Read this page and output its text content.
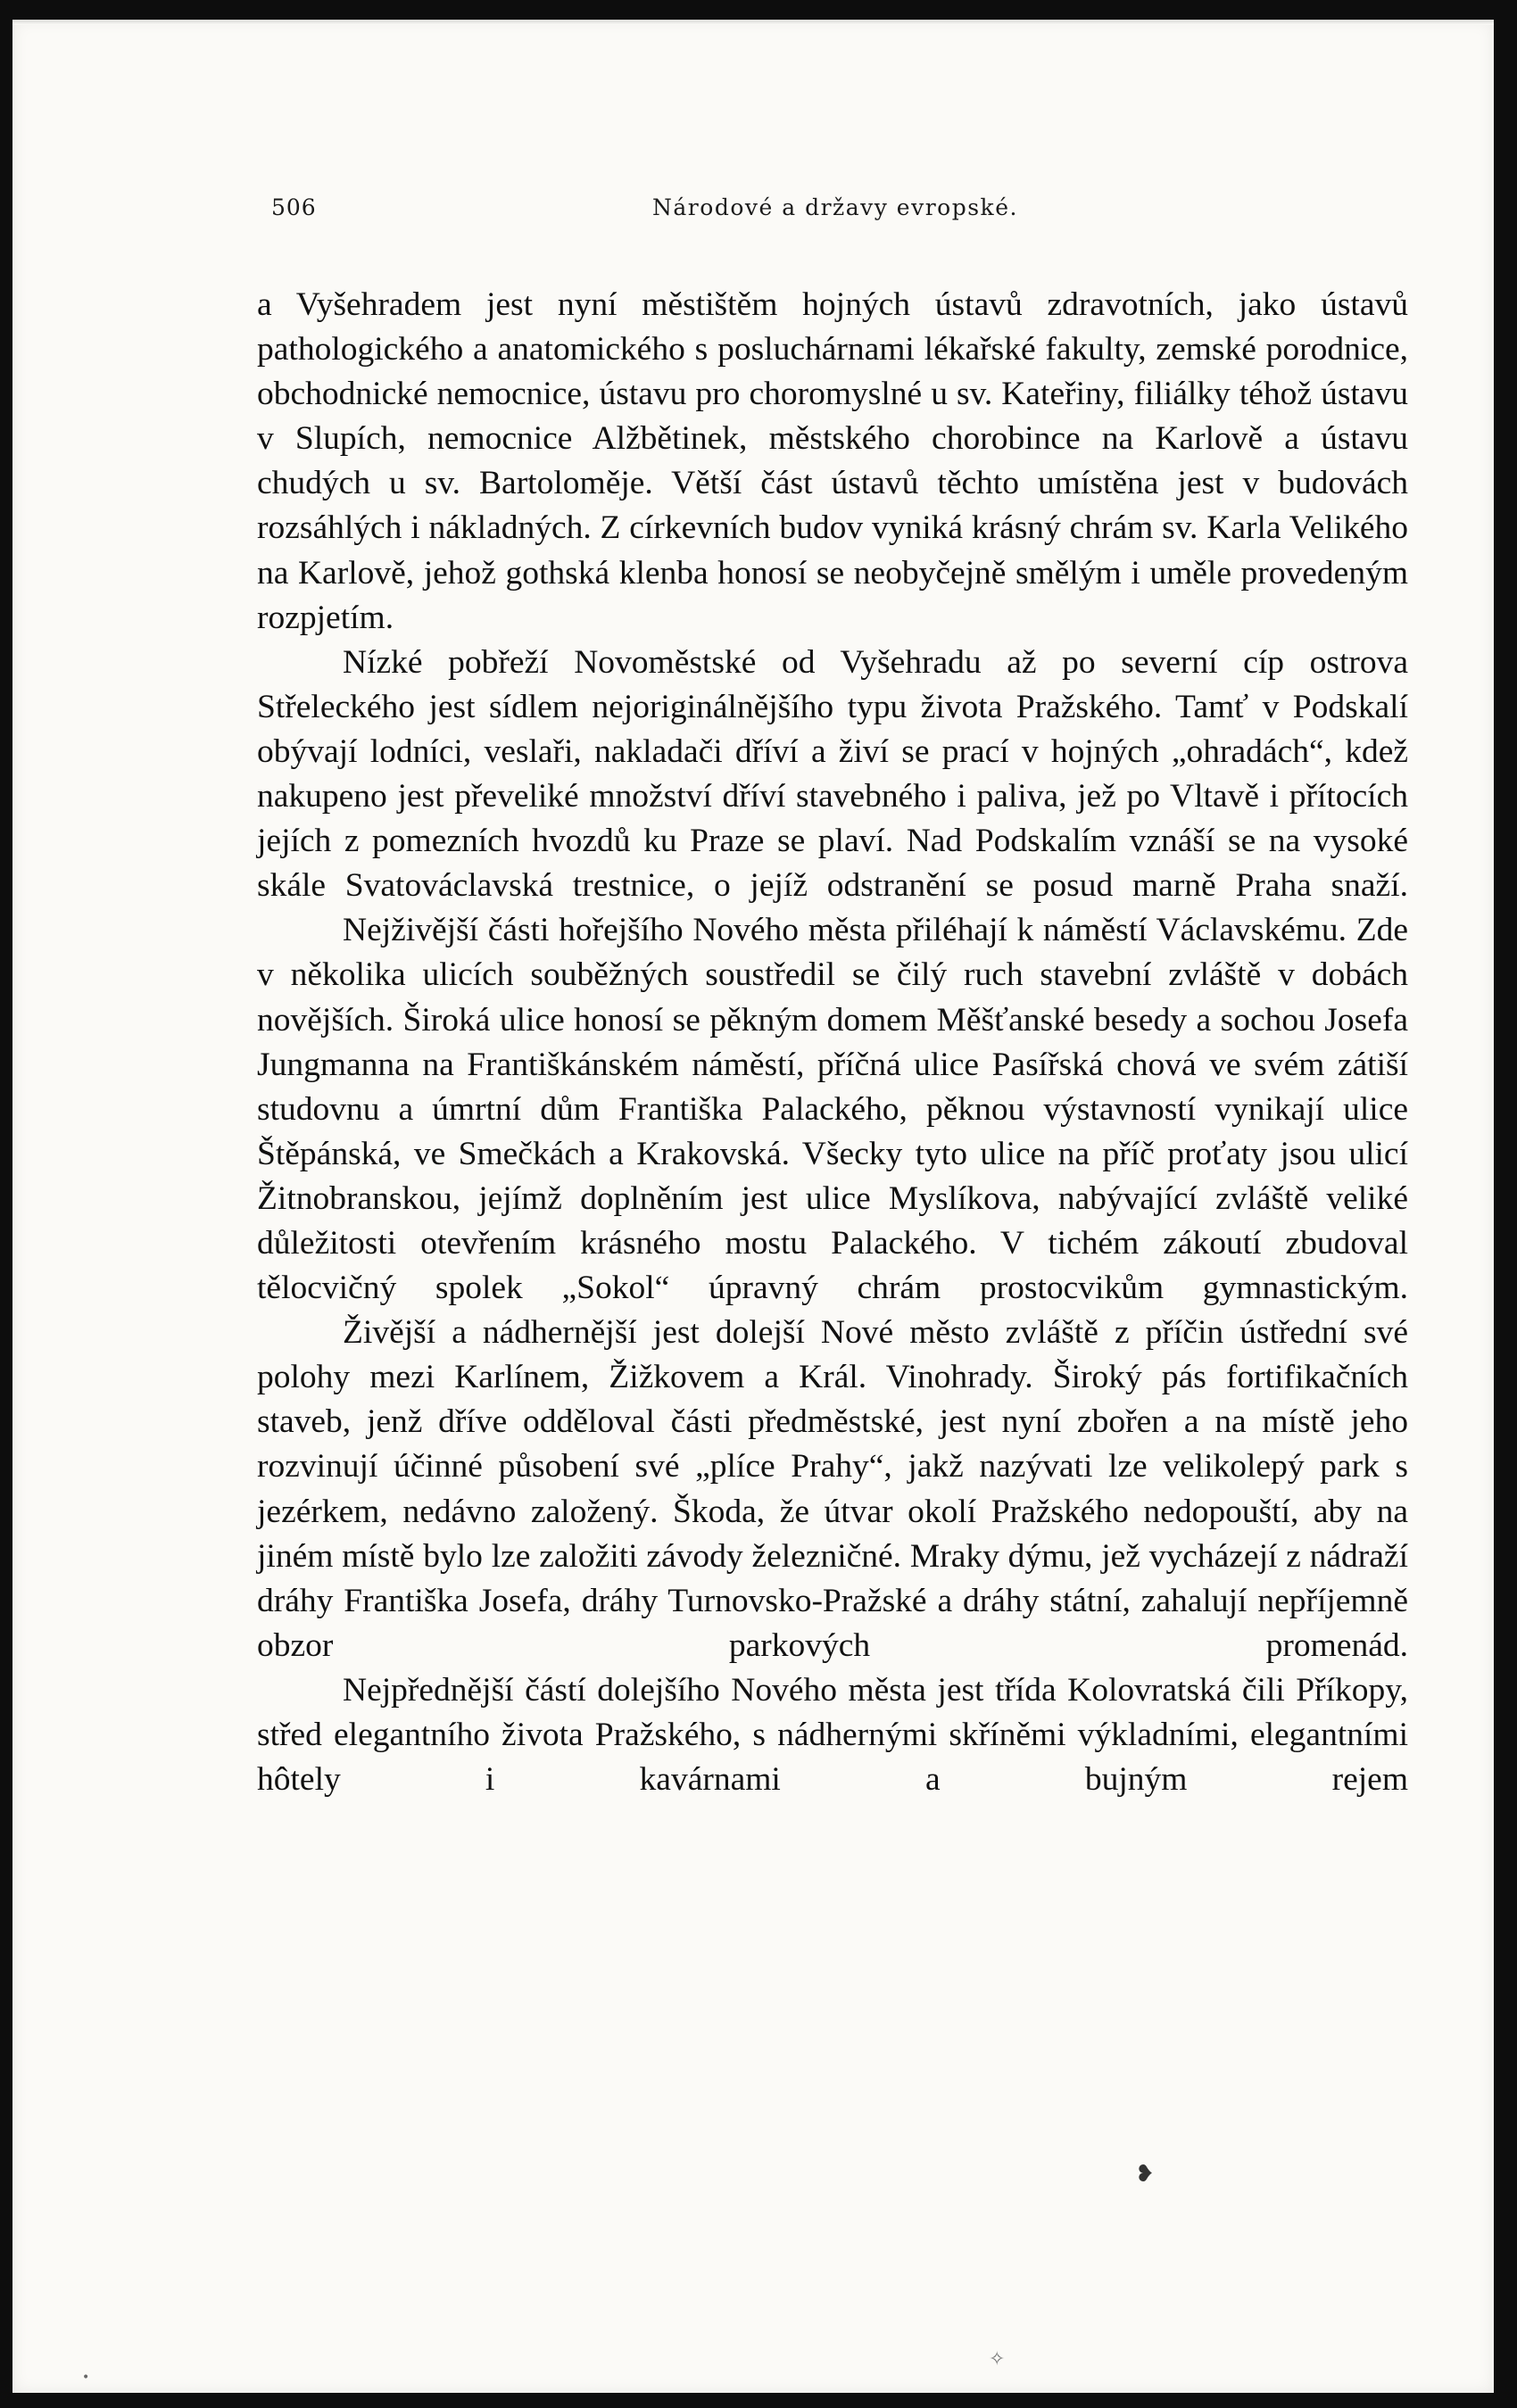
506	Národové a državy evropské.

a Vyšehradem jest nyní městištěm hojných ústavů zdravotních, jako ústavů pathologického a anatomického s posluchárnami lékařské fakulty, zemské porodnice, obchodnické nemocnice, ústavu pro choromyslné u sv. Kateřiny, filiálky téhož ústavu v Slupích, nemocnice Alžbětinek, městského chorobince na Karlově a ústavu chudých u sv. Bartoloměje. Větší část ústavů těchto umístěna jest v budovách rozsáhlých i nákladných. Z církevních budov vyniká krásný chrám sv. Karla Velikého na Karlově, jehož gothská klenba honosí se neobyčejně smělým i uměle provedeným rozpjetím.

Nízké pobřeží Novoměstské od Vyšehradu až po severní cíp ostrova Střeleckého jest sídlem nejoriginálnějšího typu života Pražského. Tamť v Podskalí obývají lodníci, veslaři, nakladači dříví a živí se prací v hojných „ohradách“, kdež nakupeno jest převeliké množství dříví stavebného i paliva, jež po Vltavě i přítocích jejích z pomezních hvozdů ku Praze se plaví. Nad Podskalím vznáší se na vysoké skále Svatováclavská trestnice, o jejíž odstranění se posud marně Praha snaží.

Nejživější části hořejšího Nového města přiléhají k náměstí Václavskému. Zde v několika ulicích souběžných soustředil se čilý ruch stavební zvláště v dobách novějších. Široká ulice honosí se pěkným domem Měšťanské besedy a sochou Josefa Jungmanna na Františkánském náměstí, příčná ulice Pasířská chová ve svém zátiší studovnu a úmrtní dům Františka Palackého, pěknou výstavností vynikají ulice Štěpánská, ve Smečkách a Krakovská. Všecky tyto ulice na příč proťaty jsou ulicí Žitnobranskou, jejímž doplněním jest ulice Myslíkova, nabývající zvláště veliké důležitosti otevřením krásného mostu Palackého. V tichém zákoutí zbudoval tělocvičný spolek „Sokol“ úpravný chrám prostocvikům gymnastickým.

Živější a nádhernější jest dolejší Nové město zvláště z příčin ústřední své polohy mezi Karlínem, Žižkovem a Král. Vinohrady. Široký pás fortifikačních staveb, jenž dříve odděloval části předměstské, jest nyní zbořen a na místě jeho rozvinují účinné působení své „plíce Prahy“, jakž nazývati lze velikolepý park s jezérkem, nedávno založený. Škoda, že útvar okolí Pražského nedopouští, aby na jiném místě bylo lze založiti závody železničné. Mraky dýmu, jež vycházejí z nádraží dráhy Františka Josefa, dráhy Turnovsko-Pražské a dráhy státní, zahalují nepříjemně obzor parkových promenád.

Nejpřednější částí dolejšího Nového města jest třída Kolovratská čili Příkopy, střed elegantního života Pražského, s nádhernými skříněmi výkladními, elegantními hôtely i kavárnami a bujným rejem

❥
✧
•
